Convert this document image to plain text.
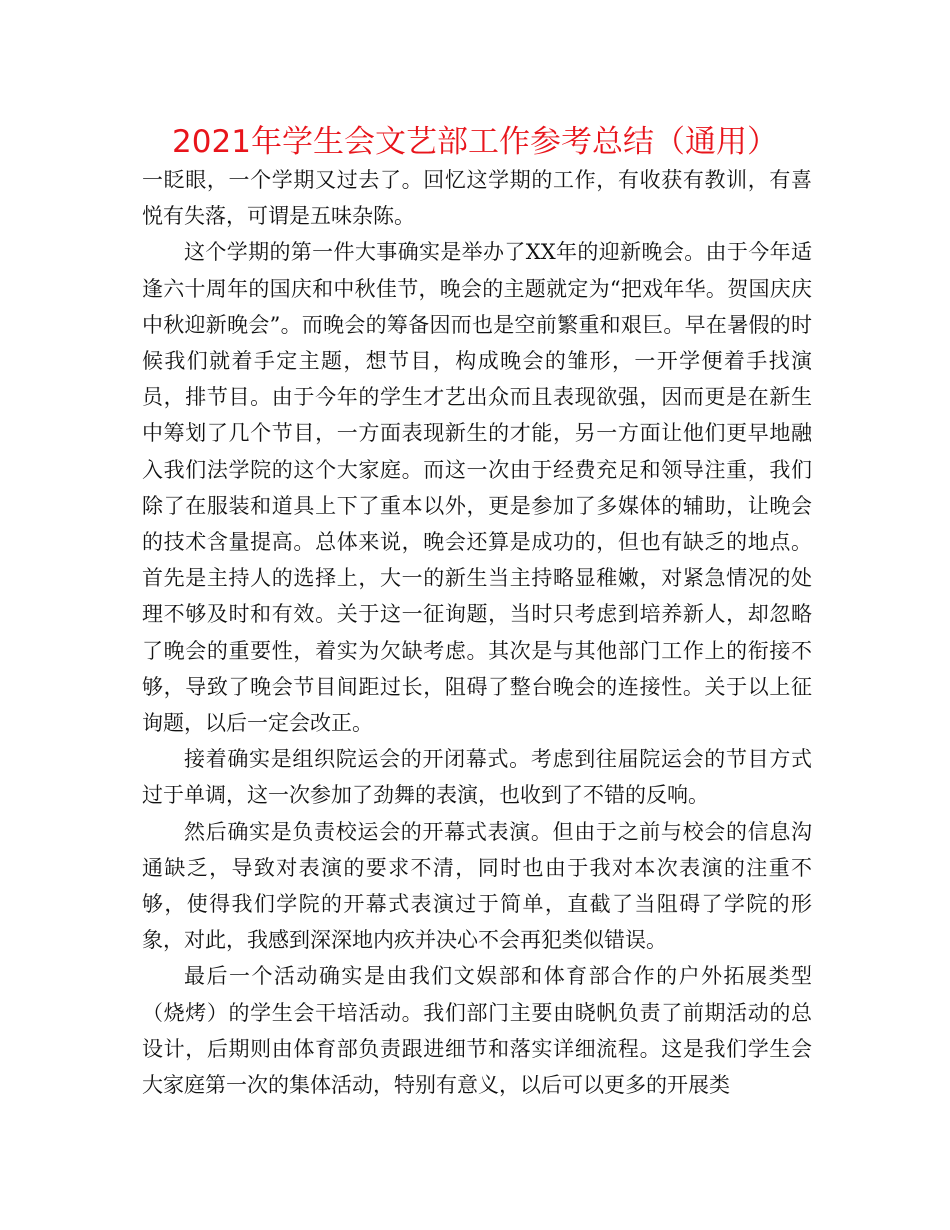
2021年学生会文艺部工作参考总结（通用）

一眨眼，一个学期又过去了。回忆这学期的工作，有收获有教训，有喜悦有失落，可谓是五味杂陈。

这个学期的第一件大事确实是举办了XX年的迎新晚会。由于今年适逢六十周年的国庆和中秋佳节，晚会的主题就定为“把戏年华。贺国庆庆中秋迎新晚会”。而晚会的筹备因而也是空前繁重和艰巨。早在暑假的时候我们就着手定主题，想节目，构成晚会的雏形，一开学便着手找演员，排节目。由于今年的学生才艺出众而且表现欲强，因而更是在新生中筹划了几个节目，一方面表现新生的才能，另一方面让他们更早地融入我们法学院的这个大家庭。而这一次由于经费充足和领导注重，我们除了在服装和道具上下了重本以外，更是参加了多媒体的辅助，让晚会的技术含量提高。总体来说，晚会还算是成功的，但也有缺乏的地点。首先是主持人的选择上，大一的新生当主持略显稚嫩，对紧急情况的处理不够及时和有效。关于这一征询题，当时只考虑到培养新人，却忽略了晚会的重要性，着实为欠缺考虑。其次是与其他部门工作上的衔接不够，导致了晚会节目间距过长，阻碍了整台晚会的连接性。关于以上征询题，以后一定会改正。

接着确实是组织院运会的开闭幕式。考虑到往届院运会的节目方式过于单调，这一次参加了劲舞的表演，也收到了不错的反响。

然后确实是负责校运会的开幕式表演。但由于之前与校会的信息沟通缺乏，导致对表演的要求不清，同时也由于我对本次表演的注重不够，使得我们学院的开幕式表演过于简单，直截了当阻碍了学院的形象，对此，我感到深深地内疚并决心不会再犯类似错误。

最后一个活动确实是由我们文娱部和体育部合作的户外拓展类型（烧烤）的学生会干培活动。我们部门主要由晓帆负责了前期活动的总设计，后期则由体育部负责跟进细节和落实详细流程。这是我们学生会大家庭第一次的集体活动，特别有意义，以后可以更多的开展类
